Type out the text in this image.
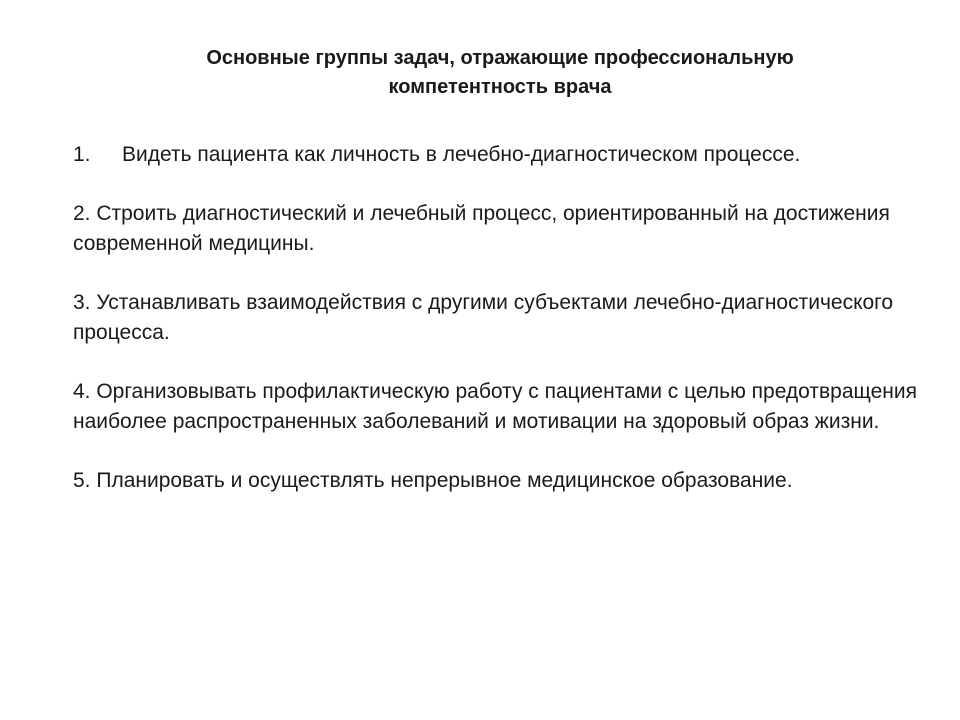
Основные группы задач, отражающие профессиональную
компетентность врача
1.	Видеть пациента как личность в лечебно-диагностическом процессе.

2. Строить диагностический и лечебный процесс, ориентированный на достижения современной медицины.

3. Устанавливать взаимодействия с другими субъектами лечебно-диагностического процесса.

4. Организовывать профилактическую работу с пациентами с целью предотвращения наиболее распространенных заболеваний и мотивации на здоровый образ жизни.

5. Планировать и осуществлять непрерывное медицинское образование.
